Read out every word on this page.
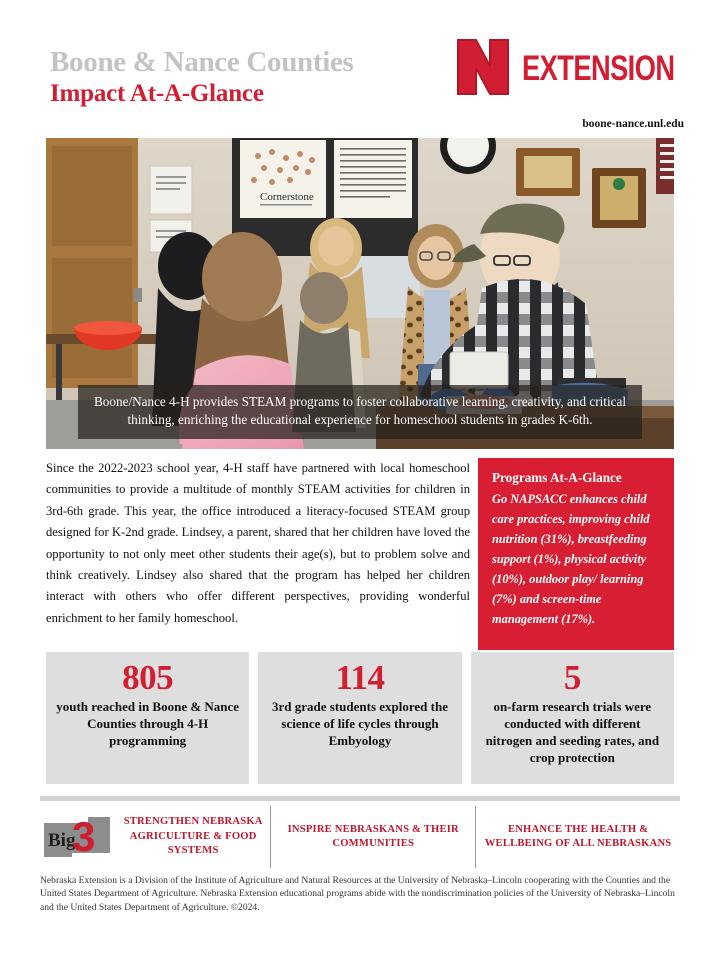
Boone & Nance Counties
Impact At-A-Glance
EXTENSION
boone-nance.unl.edu
Cornerstone
Boone/Nance 4-H provides STEAM programs to foster collaborative learning, creativity, and critical thinking, enriching the educational experience for homeschool students in grades K-6th.
Since the 2022-2023 school year, 4-H staff have partnered with local homeschool communities to provide a multitude of monthly STEAM activities for children in 3rd-6th grade. This year, the office introduced a literacy-focused STEAM group designed for K-2nd grade. Lindsey, a parent, shared that her children have loved the opportunity to not only meet other students their age(s), but to problem solve and think creatively. Lindsey also shared that the program has helped her children interact with others who offer different perspectives, providing wonderful enrichment to her family homeschool.
Programs At-A-Glance
Go NAPSACC enhances child care practices, improving child nutrition (31%), breastfeeding support (1%), physical activity (10%), outdoor play/ learning (7%) and screen-time management (17%).
805
youth reached in Boone & Nance Counties through 4-H programming
114
3rd grade students explored the science of life cycles through Embyology
5
on-farm research trials were conducted with different nitrogen and seeding rates, and crop protection
Big
3	STRENGTHEN NEBRASKA AGRICULTURE & FOOD SYSTEMS
INSPIRE NEBRASKANS & THEIR COMMUNITIES
ENHANCE THE HEALTH & WELLBEING OF ALL NEBRASKANS
Nebraska Extension is a Division of the Institute of Agriculture and Natural Resources at the University of Nebraska–Lincoln cooperating with the Counties and the United States Department of Agriculture. Nebraska Extension educational programs abide with the nondiscrimination policies of the University of Nebraska–Lincoln and the United States Department of Agriculture. ©2024.
